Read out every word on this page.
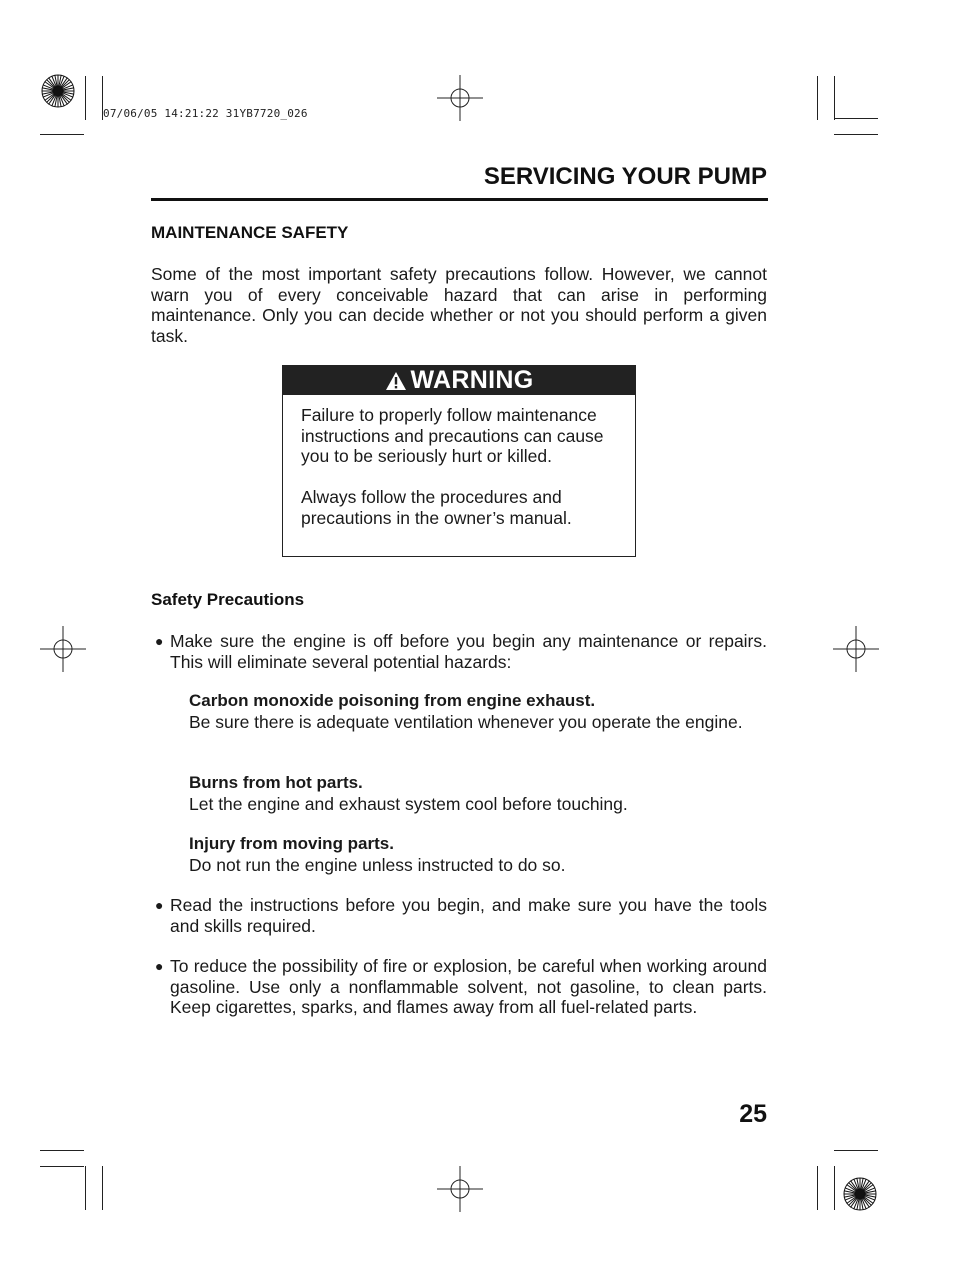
07/06/05 14:21:22 31YB7720_026
SERVICING YOUR PUMP
MAINTENANCE SAFETY
Some of the most important safety precautions follow. However, we cannot warn you of every conceivable hazard that can arise in performing maintenance. Only you can decide whether or not you should perform a given task.
WARNING

Failure to properly follow maintenance instructions and precautions can cause you to be seriously hurt or killed.

Always follow the procedures and precautions in the owner’s manual.

Safety Precautions
● Make sure the engine is off before you begin any maintenance or repairs. This will eliminate several potential hazards:
Carbon monoxide poisoning from engine exhaust.
Be sure there is adequate ventilation whenever you operate the engine.
Burns from hot parts.
Let the engine and exhaust system cool before touching.
Injury from moving parts.
Do not run the engine unless instructed to do so.
● Read the instructions before you begin, and make sure you have the tools and skills required.
● To reduce the possibility of fire or explosion, be careful when working around gasoline. Use only a nonflammable solvent, not gasoline, to clean parts. Keep cigarettes, sparks, and flames away from all fuel-related parts.
25
